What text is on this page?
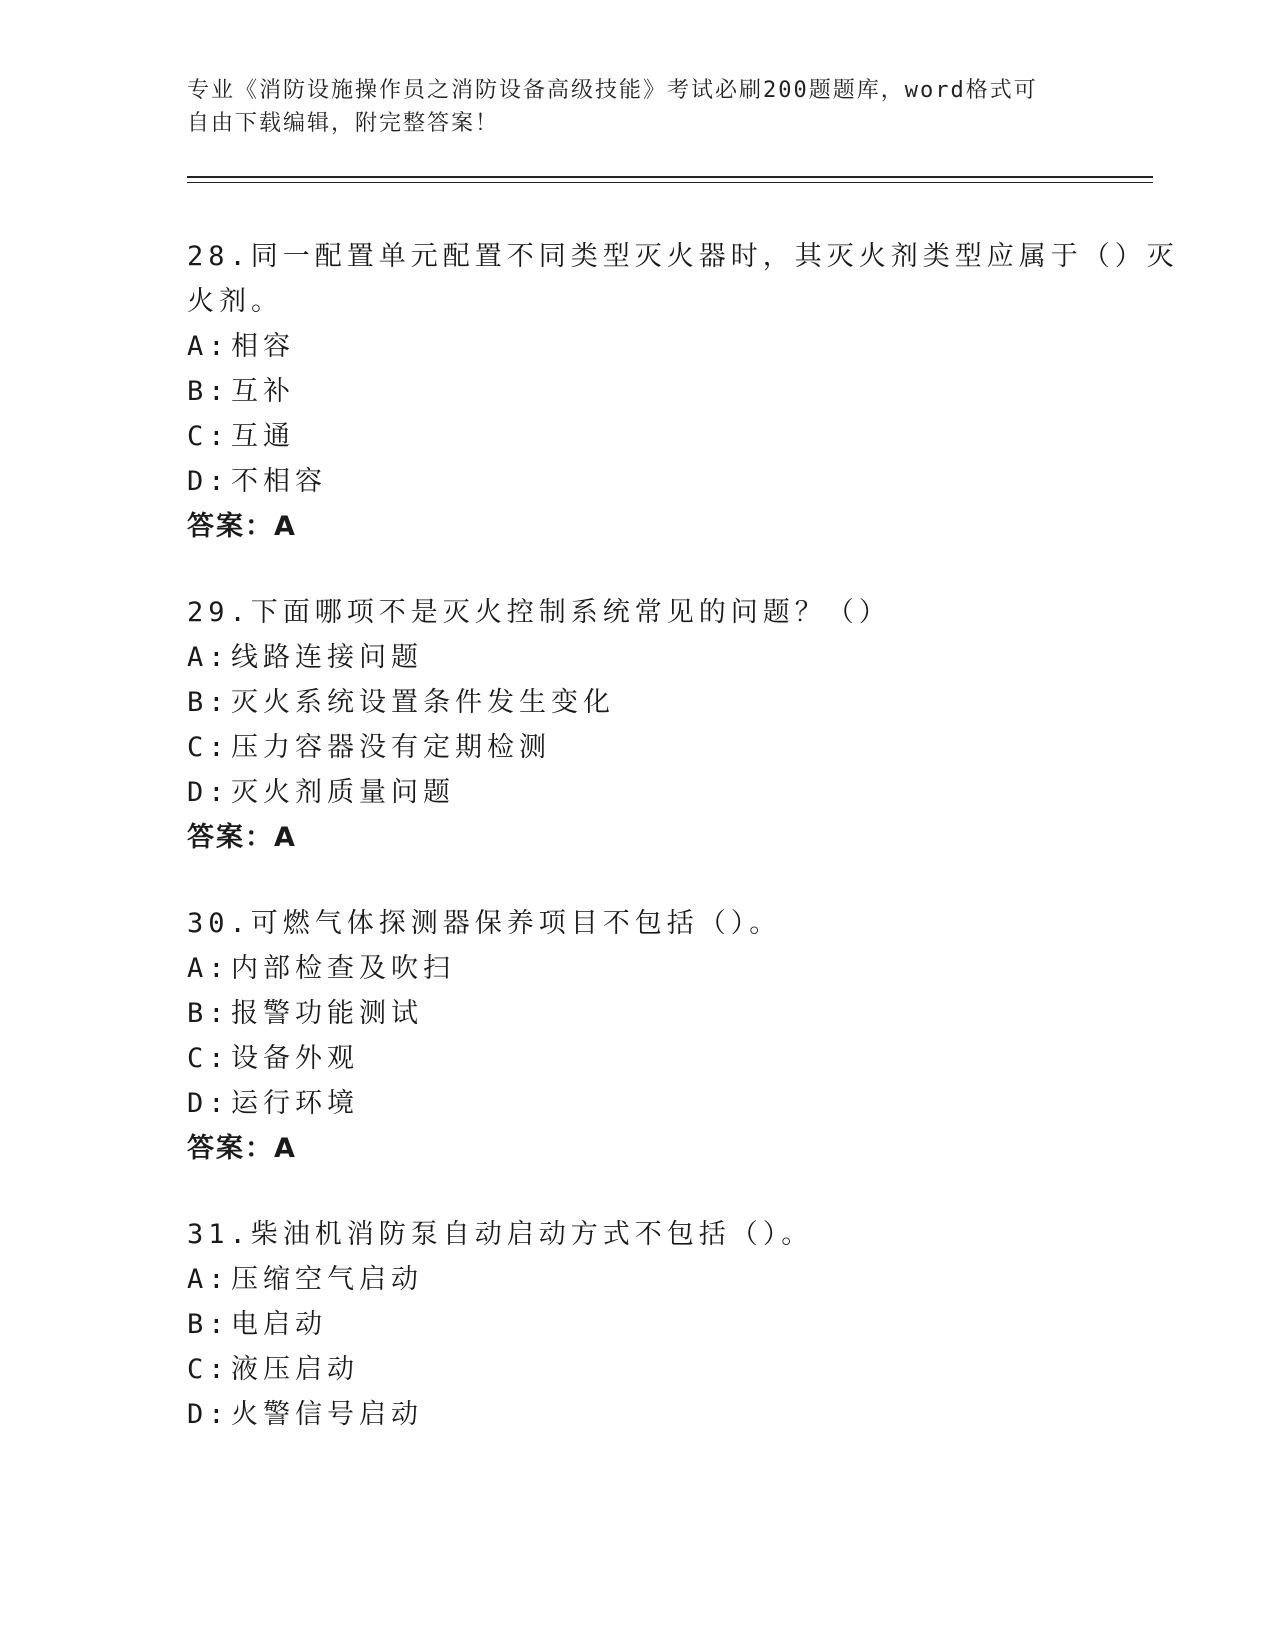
专业《消防设施操作员之消防设备高级技能》考试必刷200题题库，word格式可
自由下载编辑，附完整答案！
28.同一配置单元配置不同类型灭火器时，其灭火剂类型应属于（）灭
火剂。
A:相容
B:互补
C:互通
D:不相容
答案：A
29.下面哪项不是灭火控制系统常见的问题？（）
A:线路连接问题
B:灭火系统设置条件发生变化
C:压力容器没有定期检测
D:灭火剂质量问题
答案：A
30.可燃气体探测器保养项目不包括（）。
A:内部检查及吹扫
B:报警功能测试
C:设备外观
D:运行环境
答案：A
31.柴油机消防泵自动启动方式不包括（）。
A:压缩空气启动
B:电启动
C:液压启动
D:火警信号启动
